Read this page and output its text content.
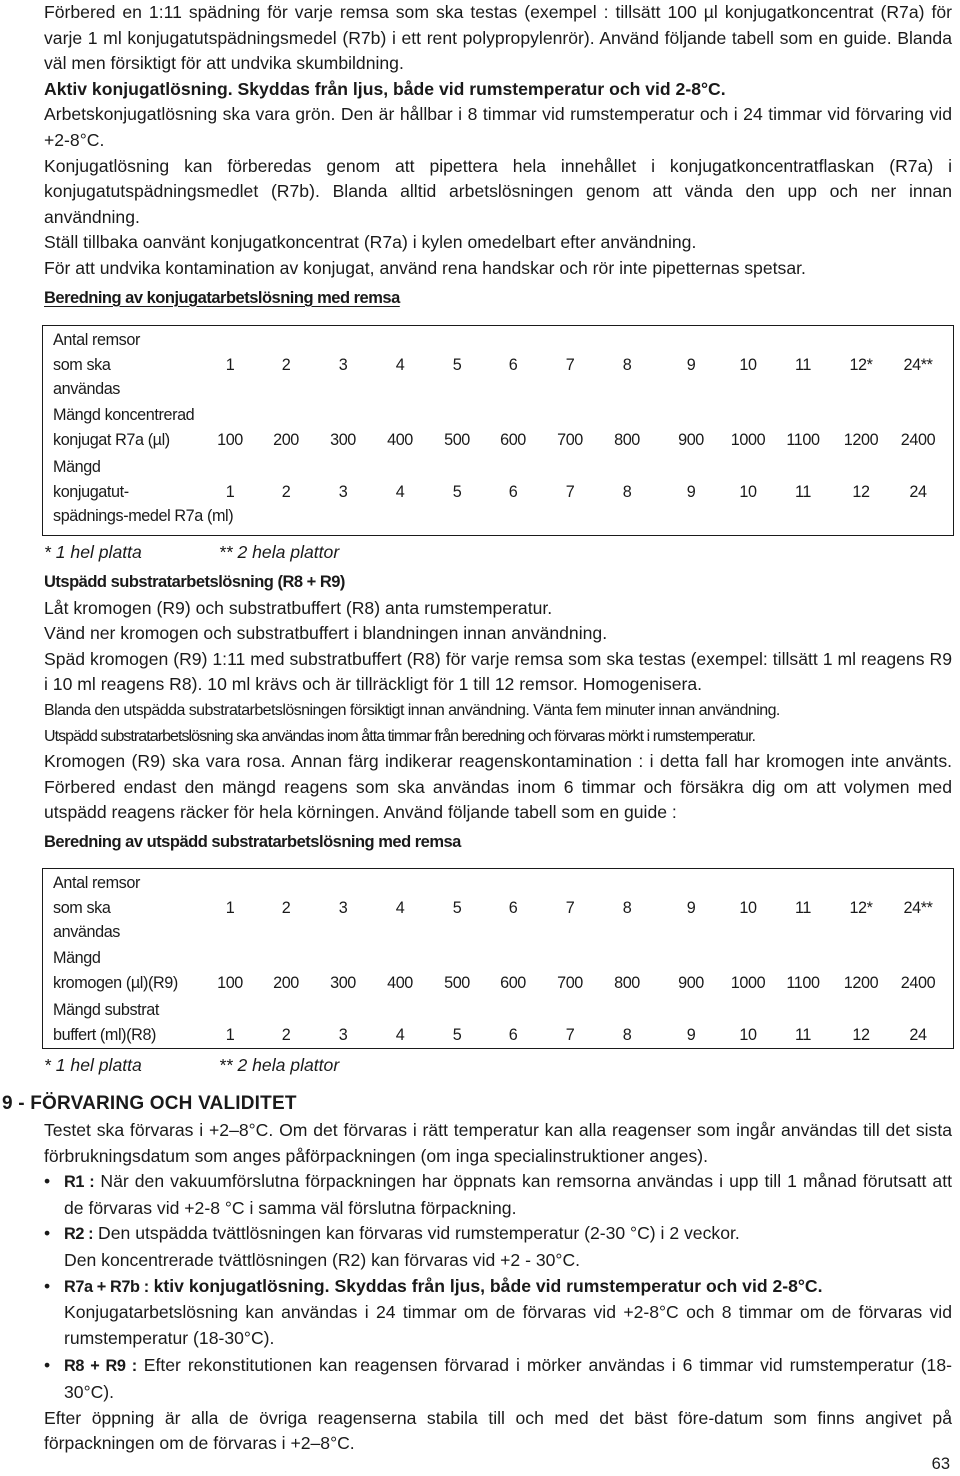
Förbered en 1:11 spädning för varje remsa som ska testas (exempel : tillsätt 100 µl konjugatkoncentrat (R7a) för varje 1 ml konjugatutspädningsmedel (R7b) i ett rent polypropylenrör). Använd följande tabell som en guide. Blanda väl men försiktigt för att undvika skumbildning.

Aktiv konjugatlösning. Skyddas från ljus, både vid rumstemperatur och vid 2-8°C.

Arbetskonjugatlösning ska vara grön. Den är hållbar i 8 timmar vid rumstemperatur och i 24 timmar vid förvaring vid +2-8°C.

Konjugatlösning kan förberedas genom att pipettera hela innehållet i konjugatkoncentratflaskan (R7a) i konjugatutspädningsmedlet (R7b). Blanda alltid arbetslösningen genom att vända den upp och ner innan användning.

Ställ tillbaka oanvänt konjugatkoncentrat (R7a) i kylen omedelbart efter användning.

För att undvika kontamination av konjugat, använd rena handskar och rör inte pipetternas spetsar.

Beredning av konjugatarbetslösning med remsa

Antal remsor
som ska
användas
1	2	3	4	5	6	7	8	9	10	11	12*	24**
Mängd koncentrerad
konjugat R7a (µl)	100	200	300	400	500	600	700	800	900	1000	1100	1200	2400
Mängd
konjugatut-
spädnings-medel R7a (ml)
1	2	3	4	5	6	7	8	9	10	11	12	24
* 1 hel platta	** 2 hela plattor

Utspädd substratarbetslösning (R8 + R9)

Låt kromogen (R9) och substratbuffert (R8) anta rumstemperatur.

Vänd ner kromogen och substratbuffert i blandningen innan användning.

Späd kromogen (R9) 1:11 med substratbuffert (R8) för varje remsa som ska testas (exempel: tillsätt 1 ml reagens R9 i 10 ml reagens R8). 10 ml krävs och är tillräckligt för 1 till 12 remsor. Homogenisera.

Blanda den utspädda substratarbetslösningen försiktigt innan användning. Vänta fem minuter innan användning.

Utspädd substratarbetslösning ska användas inom åtta timmar från beredning och förvaras mörkt i rumstemperatur.

Kromogen (R9) ska vara rosa. Annan färg indikerar reagenskontamination : i detta fall har kromogen inte använts. Förbered endast den mängd reagens som ska användas inom 6 timmar och försäkra dig om att volymen med utspädd reagens räcker för hela körningen. Använd följande tabell som en guide :

Beredning av utspädd substratarbetslösning med remsa

Antal remsor
som ska
användas
1	2	3	4	5	6	7	8	9	10	11	12*	24**
Mängd
kromogen (µl)(R9)	100	200	300	400	500	600	700	800	900	1000	1100	1200	2400
Mängd substrat
buffert (ml)(R8)	1	2	3	4	5	6	7	8	9	10	11	12	24
* 1 hel platta	** 2 hela plattor
9 - FÖRVARING OCH VALIDITET

Testet ska förvaras i +2–8°C. Om det förvaras i rätt temperatur kan alla reagenser som ingår användas till det sista förbrukningsdatum som anges påförpackningen (om inga specialinstruktioner anges).

• R1 : När den vakuumförslutna förpackningen har öppnats kan remsorna användas i upp till 1 månad förutsatt att de förvaras vid +2-8 °C i samma väl förslutna förpackning.

• R2 : Den utspädda tvättlösningen kan förvaras vid rumstemperatur (2-30 °C) i 2 veckor.

Den koncentrerade tvättlösningen (R2) kan förvaras vid +2 - 30°C.

• R7a + R7b : ktiv konjugatlösning. Skyddas från ljus, både vid rumstemperatur och vid 2-8°C.

Konjugatarbetslösning kan användas i 24 timmar om de förvaras vid +2-8°C och 8 timmar om de förvaras vid rumstemperatur (18-30°C).

• R8 + R9 : Efter rekonstitutionen kan reagensen förvarad i mörker användas i 6 timmar vid rumstemperatur (18-30°C).

Efter öppning är alla de övriga reagenserna stabila till och med det bäst före-datum som finns angivet på förpackningen om de förvaras i +2–8°C.

63
